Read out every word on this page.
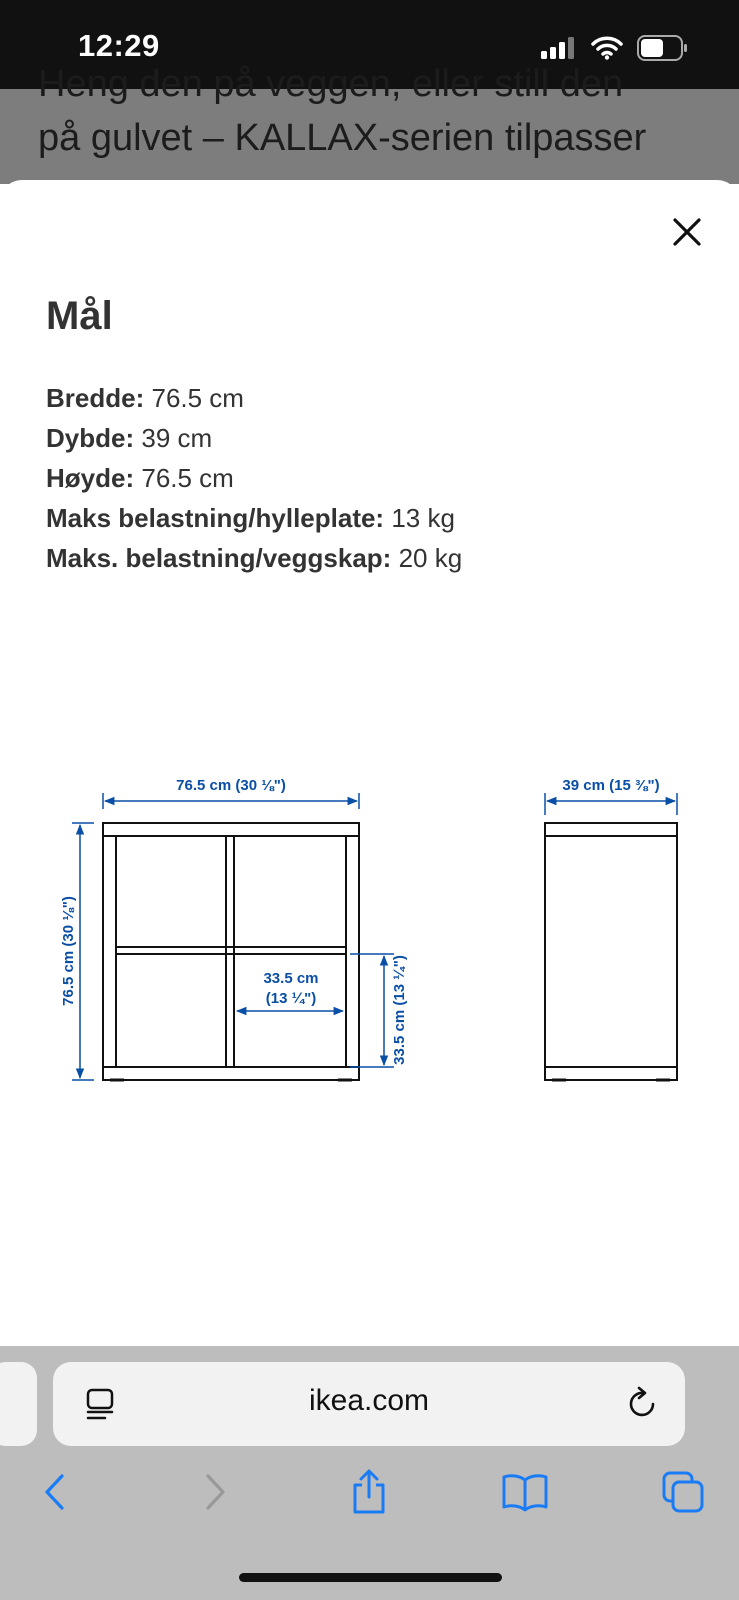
12:29
Heng den på veggen, eller still den
på gulvet – KALLAX-serien tilpasser
Mål
Bredde: 76.5 cm
Dybde: 39 cm
Høyde: 76.5 cm
Maks belastning/hylleplate: 13 kg
Maks. belastning/veggskap: 20 kg
76.5 cm (30 ⅛")
76.5 cm (30 ⅛")	33.5 cm
(13 ¼")	33.5 cm (13 ¼")
39 cm (15 ⅜")
ikea.com
